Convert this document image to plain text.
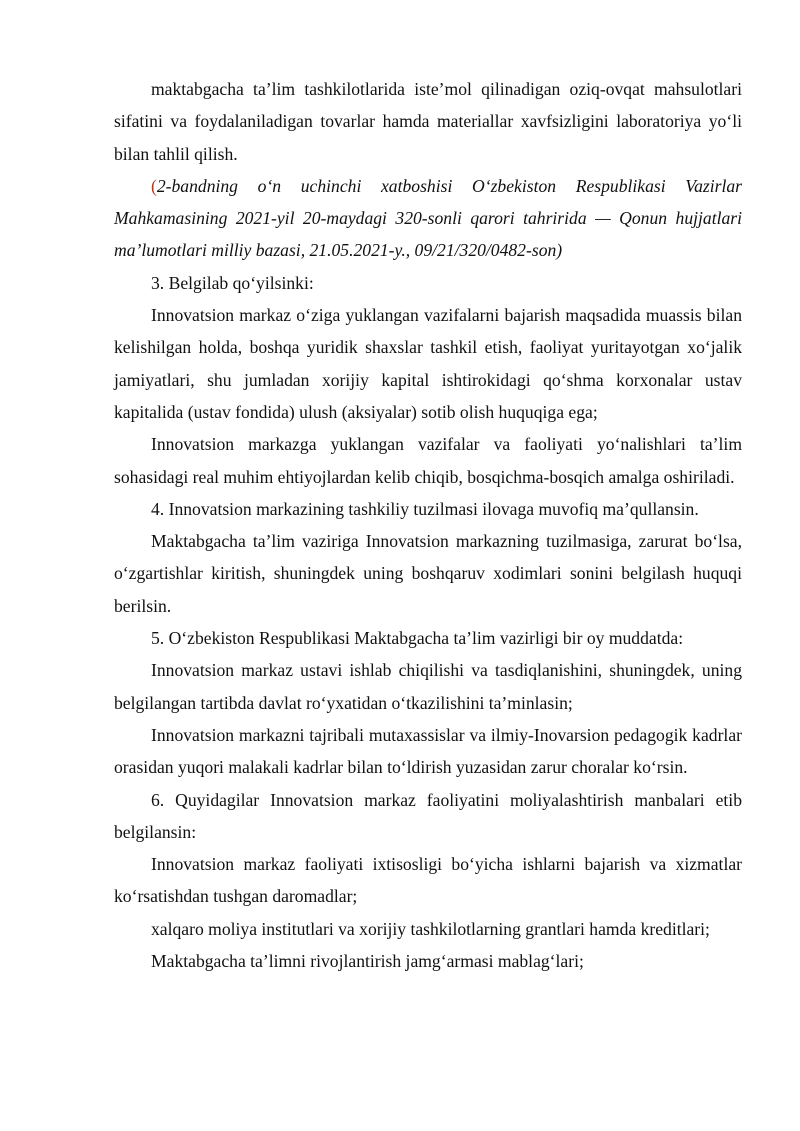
maktabgacha ta’lim tashkilotlarida iste’mol qilinadigan oziq-ovqat mahsulotlari sifatini va foydalaniladigan tovarlar hamda materiallar xavfsizligini laboratoriya yo‘li bilan tahlil qilish.

(2-bandning o‘n uchinchi xatboshisi O‘zbekiston Respublikasi Vazirlar Mahkamasining 2021-yil 20-maydagi 320-sonli qarori tahririda — Qonun hujjatlari ma’lumotlari milliy bazasi, 21.05.2021-y., 09/21/320/0482-son)

3. Belgilab qo‘yilsinki:

Innovatsion markaz o‘ziga yuklangan vazifalarni bajarish maqsadida muassis bilan kelishilgan holda, boshqa yuridik shaxslar tashkil etish, faoliyat yuritayotgan xo‘jalik jamiyatlari, shu jumladan xorijiy kapital ishtirokidagi qo‘shma korxonalar ustav kapitalida (ustav fondida) ulush (aksiyalar) sotib olish huquqiga ega;

Innovatsion markazga yuklangan vazifalar va faoliyati yo‘nalishlari ta’lim sohasidagi real muhim ehtiyojlardan kelib chiqib, bosqichma-bosqich amalga oshiriladi.

4. Innovatsion markazining tashkiliy tuzilmasi ilovaga muvofiq ma’qullansin.

Maktabgacha ta’lim vaziriga Innovatsion markazning tuzilmasiga, zarurat bo‘lsa, o‘zgartishlar kiritish, shuningdek uning boshqaruv xodimlari sonini belgilash huquqi berilsin.

5. O‘zbekiston Respublikasi Maktabgacha ta’lim vazirligi bir oy muddatda:

Innovatsion markaz ustavi ishlab chiqilishi va tasdiqlanishini, shuningdek, uning belgilangan tartibda davlat ro‘yxatidan o‘tkazilishini ta’minlasin;

Innovatsion markazni tajribali mutaxassislar va ilmiy-Inovarsion pedagogik kadrlar orasidan yuqori malakali kadrlar bilan to‘ldirish yuzasidan zarur choralar ko‘rsin.

6. Quyidagilar Innovatsion markaz faoliyatini moliyalashtirish manbalari etib belgilansin:

Innovatsion markaz faoliyati ixtisosligi bo‘yicha ishlarni bajarish va xizmatlar ko‘rsatishdan tushgan daromadlar;

xalqaro moliya institutlari va xorijiy tashkilotlarning grantlari hamda kreditlari;

Maktabgacha ta’limni rivojlantirish jamg‘armasi mablag‘lari;
